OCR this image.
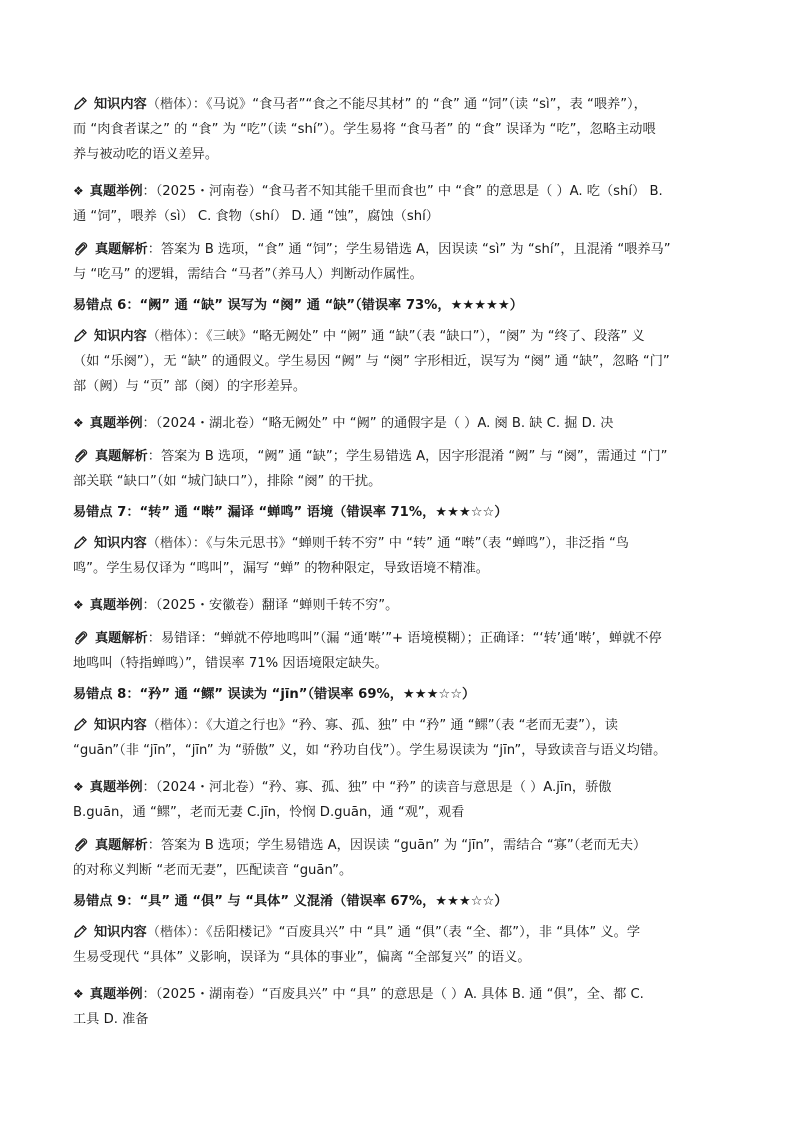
知识内容（楷体）：《马说》“食马者”“食之不能尽其材” 的 “食” 通 “饲”（读 “sì”，表 “喂养”），
而 “肉食者谋之” 的 “食” 为 “吃”（读 “shí”）。学生易将 “食马者” 的 “食” 误译为 “吃”，忽略主动喂
养与被动吃的语义差异。

❖ 真题举例：（2025・河南卷）“食马者不知其能千里而食也” 中 “食” 的意思是（ ）A. 吃（shí） B.
通 “饲”，喂养（sì） C. 食物（shí） D. 通 “蚀”，腐蚀（shí）

真题解析：答案为 B 选项，“食” 通 “饲”；学生易错选 A，因误读 “sì” 为 “shí”，且混淆 “喂养马”
与 “吃马” 的逻辑，需结合 “马者”（养马人）判断动作属性。

易错点 6：“阙” 通 “缺” 误写为 “阕” 通 “缺”（错误率 73%，★★★★★）

知识内容（楷体）：《三峡》“略无阙处” 中 “阙” 通 “缺”（表 “缺口”），“阕” 为 “终了、段落” 义
（如 “乐阕”），无 “缺” 的通假义。学生易因 “阙” 与 “阕” 字形相近，误写为 “阕” 通 “缺”，忽略 “门”
部（阙）与 “页” 部（阕）的字形差异。

❖ 真题举例：（2024・湖北卷）“略无阙处” 中 “阙” 的通假字是（ ）A. 阕 B. 缺 C. 掘 D. 决

真题解析：答案为 B 选项，“阙” 通 “缺”；学生易错选 A，因字形混淆 “阙” 与 “阕”，需通过 “门”
部关联 “缺口”（如 “城门缺口”），排除 “阕” 的干扰。

易错点 7：“转” 通 “啭” 漏译 “蝉鸣” 语境（错误率 71%，★★★☆☆）

知识内容（楷体）：《与朱元思书》“蝉则千转不穷” 中 “转” 通 “啭”（表 “蝉鸣”），非泛指 “鸟
鸣”。学生易仅译为 “鸣叫”，漏写 “蝉” 的物种限定，导致语境不精准。

❖ 真题举例：（2025・安徽卷）翻译 “蝉则千转不穷”。

真题解析：易错译：“蝉就不停地鸣叫”（漏 “通‘啭’”+ 语境模糊）；正确译：“‘转’通‘啭’，蝉就不停
地鸣叫（特指蝉鸣）”，错误率 71% 因语境限定缺失。

易错点 8：“矜” 通 “鳏” 误读为 “jīn”（错误率 69%，★★★☆☆）

知识内容（楷体）：《大道之行也》“矜、寡、孤、独” 中 “矜” 通 “鳏”（表 “老而无妻”），读
“guān”（非 “jīn”，“jīn” 为 “骄傲” 义，如 “矜功自伐”）。学生易误读为 “jīn”，导致读音与语义均错。

❖ 真题举例：（2024・河北卷）“矜、寡、孤、独” 中 “矜” 的读音与意思是（ ）A.jīn，骄傲
B.guān，通 “鳏”，老而无妻 C.jīn，怜悯 D.guān，通 “观”，观看

真题解析：答案为 B 选项；学生易错选 A，因误读 “guān” 为 “jīn”，需结合 “寡”（老而无夫）
的对称义判断 “老而无妻”，匹配读音 “guān”。

易错点 9：“具” 通 “俱” 与 “具体” 义混淆（错误率 67%，★★★☆☆）

知识内容（楷体）：《岳阳楼记》“百废具兴” 中 “具” 通 “俱”（表 “全、都”），非 “具体” 义。学
生易受现代 “具体” 义影响，误译为 “具体的事业”，偏离 “全部复兴” 的语义。

❖ 真题举例：（2025・湖南卷）“百废具兴” 中 “具” 的意思是（ ）A. 具体 B. 通 “俱”，全、都 C.
工具 D. 准备
